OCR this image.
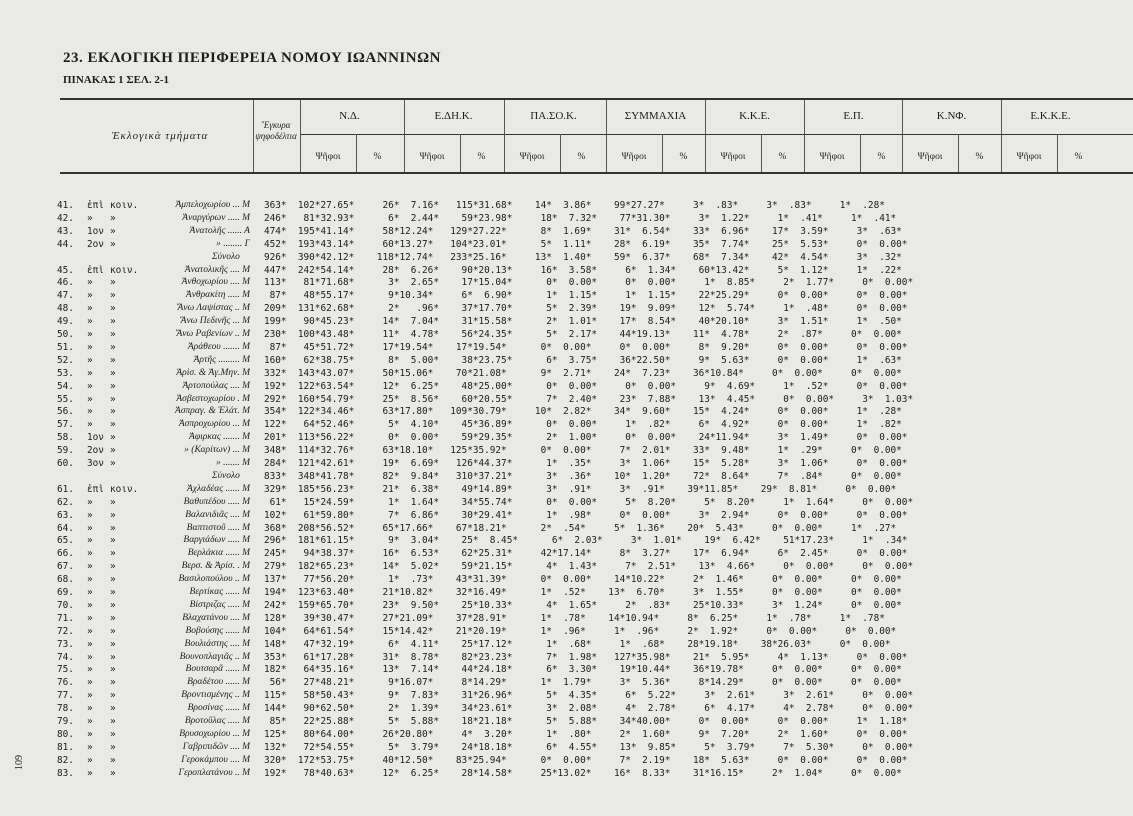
23. ΕΚΛΟΓΙΚΗ ΠΕΡΙΦΕΡΕΙΑ ΝΟΜΟΥ ΙΩΑΝΝΙΝΩΝ
ΠΙΝΑΚΑΣ 1 ΣΕΛ. 2-1
Ἐκλογικὰ τμήματα
Ἔγκυρα ψηφοδέλτια
Ν.Δ.
Ψῆφοι	%
Ε.ΔΗ.Κ.
Ψῆφοι	%
ΠΑ.ΣΟ.Κ.
Ψῆφοι	%
ΣΥΜΜΑΧΙΑ
Ψῆφοι	%
Κ.Κ.Ε.
Ψῆφοι	%
Ε.Π.
Ψῆφοι	%
Κ.ΝΦ.
Ψῆφοι	%
Ε.Κ.Κ.Ε.
Ψῆφοι	%
41. ἐπὶ κοιν.	Ἀμπελοχωρίου ... Μ 363*  102*27.65*     26*  7.16*   115*31.68*    14*  3.86*    99*27.27*     3*  .83*     3*  .83*     1*  .28*
42. » »	Ἀναργύρων ..... Μ 246*   81*32.93*      6*  2.44*    59*23.98*     18*  7.32*    77*31.30*     3*  1.22*     1*  .41*     1*  .41*
43. 1ον »	Ἀνατολῆς ...... Α 474*  195*41.14*     58*12.24*   129*27.22*      8*  1.69*    31*  6.54*    33*  6.96*    17*  3.59*     3*  .63*
44. 2ον »	» ........ Γ 452*  193*43.14*     60*13.27*   104*23.01*      5*  1.11*    28*  6.19*    35*  7.74*    25*  5.53*     0*  0.00*
Σύνολο	926*  390*42.12*    118*12.74*   233*25.16*     13*  1.40*    59*  6.37*    68*  7.34*    42*  4.54*     3*  .32*
45. ἐπὶ κοιν.	Ἀνατολικῆς .... Μ 447*  242*54.14*     28*  6.26*    90*20.13*     16*  3.58*     6*  1.34*    60*13.42*     5*  1.12*     1*  .22*
46. » »	Ἀνθοχωρίου .... Μ 113*   81*71.68*      3*  2.65*    17*15.04*      0*  0.00*     0*  0.00*     1*  8.85*     2*  1.77*     0*  0.00*
47. » »	Ἀνθρακίτη ..... Μ 87*   48*55.17*      9*10.34*     6*  6.90*      1*  1.15*     1*  1.15*    22*25.29*     0*  0.00*     0*  0.00*
48. » »	Ἄνω Λαψίστας .. Μ 209*  131*62.68*      2*   .96*    37*17.70*      5*  2.39*    19*  9.09*    12*  5.74*     1*  .48*     0*  0.00*
49. » »	Ἄνω Πεδινῆς ... Μ 199*   90*45.23*     14*  7.04*    31*15.58*      2*  1.01*    17*  8.54*    40*20.10*     3*  1.51*     1*  .50*
50. » »	Ἄνω Ραβενίων .. Μ 230*  100*43.48*     11*  4.78*    56*24.35*      5*  2.17*    44*19.13*    11*  4.78*     2*  .87*     0*  0.00*
51. » »	Ἀράθεου ....... Μ 87*   45*51.72*     17*19.54*    17*19.54*      0*  0.00*     0*  0.00*     8*  9.20*     0*  0.00*     0*  0.00*
52. » »	Ἀρτῆς ......... Μ 160*   62*38.75*      8*  5.00*    38*23.75*      6*  3.75*    36*22.50*     9*  5.63*     0*  0.00*     1*  .63*
53. » »	Ἀρὶσ. & Ἀγ.Μην. Μ 332*  143*43.07*     50*15.06*    70*21.08*      9*  2.71*    24*  7.23*    36*10.84*     0*  0.00*     0*  0.00*
54. » »	Ἀρτοπούλας .... Μ 192*  122*63.54*     12*  6.25*    48*25.00*      0*  0.00*     0*  0.00*     9*  4.69*     1*  .52*     0*  0.00*
55. » »	Ἀσβεστοχωρίου . Μ 292*  160*54.79*     25*  8.56*    60*20.55*      7*  2.40*    23*  7.88*    13*  4.45*     0*  0.00*     3*  1.03*
56. » »	Ἀσπραγ. & Ἐλάτ. Μ 354*  122*34.46*     63*17.80*   109*30.79*     10*  2.82*    34*  9.60*    15*  4.24*     0*  0.00*     1*  .28*
57. » »	Ἀσπροχωρίου ... Μ 122*   64*52.46*      5*  4.10*    45*36.89*      0*  0.00*     1*  .82*     6*  4.92*     0*  0.00*     1*  .82*
58. 1ον »	Ἀφιρκας ....... Μ 201*  113*56.22*      0*  0.00*    59*29.35*      2*  1.00*     0*  0.00*    24*11.94*     3*  1.49*     0*  0.00*
59. 2ον »	» (Καρίτων) ... Μ 348*  114*32.76*     63*18.10*   125*35.92*      0*  0.00*     7*  2.01*    33*  9.48*     1*  .29*     0*  0.00*
60. 3ον »	» ....... Μ 284*  121*42.61*     19*  6.69*   126*44.37*      1*  .35*     3*  1.06*    15*  5.28*     3*  1.06*     0*  0.00*
Σύνολο	833*  348*41.78*     82*  9.84*   310*37.21*      3*  .36*    10*  1.20*    72*  8.64*     7*  .84*     0*  0.00*
61. ἐπὶ κοιν.	Ἀχλαδέας ...... Μ 329*  185*56.23*     21*  6.38*    49*14.89*      3*  .91*     3*  .91*    39*11.85*    29*  8.81*     0*  0.00*
62. » »	Βαθυπέδου ..... Μ 61*   15*24.59*      1*  1.64*    34*55.74*      0*  0.00*     5*  8.20*     5*  8.20*     1*  1.64*     0*  0.00*
63. » »	Βαλανιδιᾶς .... Μ 102*   61*59.80*      7*  6.86*    30*29.41*      1*  .98*     0*  0.00*     3*  2.94*     0*  0.00*     0*  0.00*
64. » »	Βαπτιστοῦ ..... Μ 368*  208*56.52*     65*17.66*    67*18.21*      2*  .54*     5*  1.36*    20*  5.43*     0*  0.00*     1*  .27*
65. » »	Βαργιάδων ..... Μ 296*  181*61.15*      9*  3.04*    25*  8.45*      6*  2.03*     3*  1.01*    19*  6.42*    51*17.23*     1*  .34*
66. » »	Βερλάκια ...... Μ 245*   94*38.37*     16*  6.53*    62*25.31*     42*17.14*     8*  3.27*    17*  6.94*     6*  2.45*     0*  0.00*
67. » »	Βερσ. & Ἀρίσ. . Μ 279*  182*65.23*     14*  5.02*    59*21.15*      4*  1.43*     7*  2.51*    13*  4.66*     0*  0.00*     0*  0.00*
68. » »	Βασιλοπούλου .. Μ 137*   77*56.20*      1*  .73*    43*31.39*      0*  0.00*    14*10.22*     2*  1.46*     0*  0.00*     0*  0.00*
69. » »	Βερτίκας ...... Μ 194*  123*63.40*     21*10.82*    32*16.49*      1*  .52*    13*  6.70*     3*  1.55*     0*  0.00*     0*  0.00*
70. » »	Βίστριζας ..... Μ 242*  159*65.70*     23*  9.50*    25*10.33*      4*  1.65*     2*  .83*    25*10.33*     3*  1.24*     0*  0.00*
71. » »	Βλαχατάνου .... Μ 128*   39*30.47*     27*21.09*    37*28.91*      1*  .78*    14*10.94*     8*  6.25*     1*  .78*     1*  .78*
72. » »	Βοβούσης ...... Μ 104*   64*61.54*     15*14.42*    21*20.19*      1*  .96*     1*  .96*     2*  1.92*     0*  0.00*     0*  0.00*
73. » »	Βουλιάστης .... Μ 148*   47*32.19*      6*  4.11*    25*17.12*      1*  .68*     1*  .68*    28*19.18*    38*26.03*     0*  0.00*
74. » »	Βουνοπλαγιᾶς .. Μ 353*   61*17.28*     31*  8.78*    82*23.23*      7*  1.98*   127*35.98*    21*  5.95*     4*  1.13*     0*  0.00*
75. » »	Βουτσαρᾶ ...... Μ 182*   64*35.16*     13*  7.14*    44*24.18*      6*  3.30*    19*10.44*    36*19.78*     0*  0.00*     0*  0.00*
76. » »	Βραδέτου ...... Μ 56*   27*48.21*      9*16.07*     8*14.29*      1*  1.79*     3*  5.36*     8*14.29*     0*  0.00*     0*  0.00*
77. » »	Βροντισμένης .. Μ 115*   58*50.43*      9*  7.83*    31*26.96*      5*  4.35*     6*  5.22*     3*  2.61*     3*  2.61*     0*  0.00*
78. » »	Βροσίνας ...... Μ 144*   90*62.50*      2*  1.39*    34*23.61*      3*  2.08*     4*  2.78*     6*  4.17*     4*  2.78*     0*  0.00*
79. » »	Βροτοῦλας ..... Μ 85*   22*25.88*      5*  5.88*    18*21.18*      5*  5.88*    34*40.00*     0*  0.00*     0*  0.00*     1*  1.18*
80. » »	Βρυσοχωρίου ... Μ 125*   80*64.00*     26*20.80*     4*  3.20*      1*  .80*     2*  1.60*     9*  7.20*     2*  1.60*     0*  0.00*
81. » »	Γαβριπιδῶν .... Μ 132*   72*54.55*      5*  3.79*    24*18.18*      6*  4.55*    13*  9.85*     5*  3.79*     7*  5.30*     0*  0.00*
82. » »	Γεροκάμπου .... Μ 320*  172*53.75*     40*12.50*    83*25.94*      0*  0.00*     7*  2.19*    18*  5.63*     0*  0.00*     0*  0.00*
83. » »	Γεροπλατάνου .. Μ 192*   78*40.63*     12*  6.25*    28*14.58*     25*13.02*    16*  8.33*    31*16.15*     2*  1.04*     0*  0.00*
109
